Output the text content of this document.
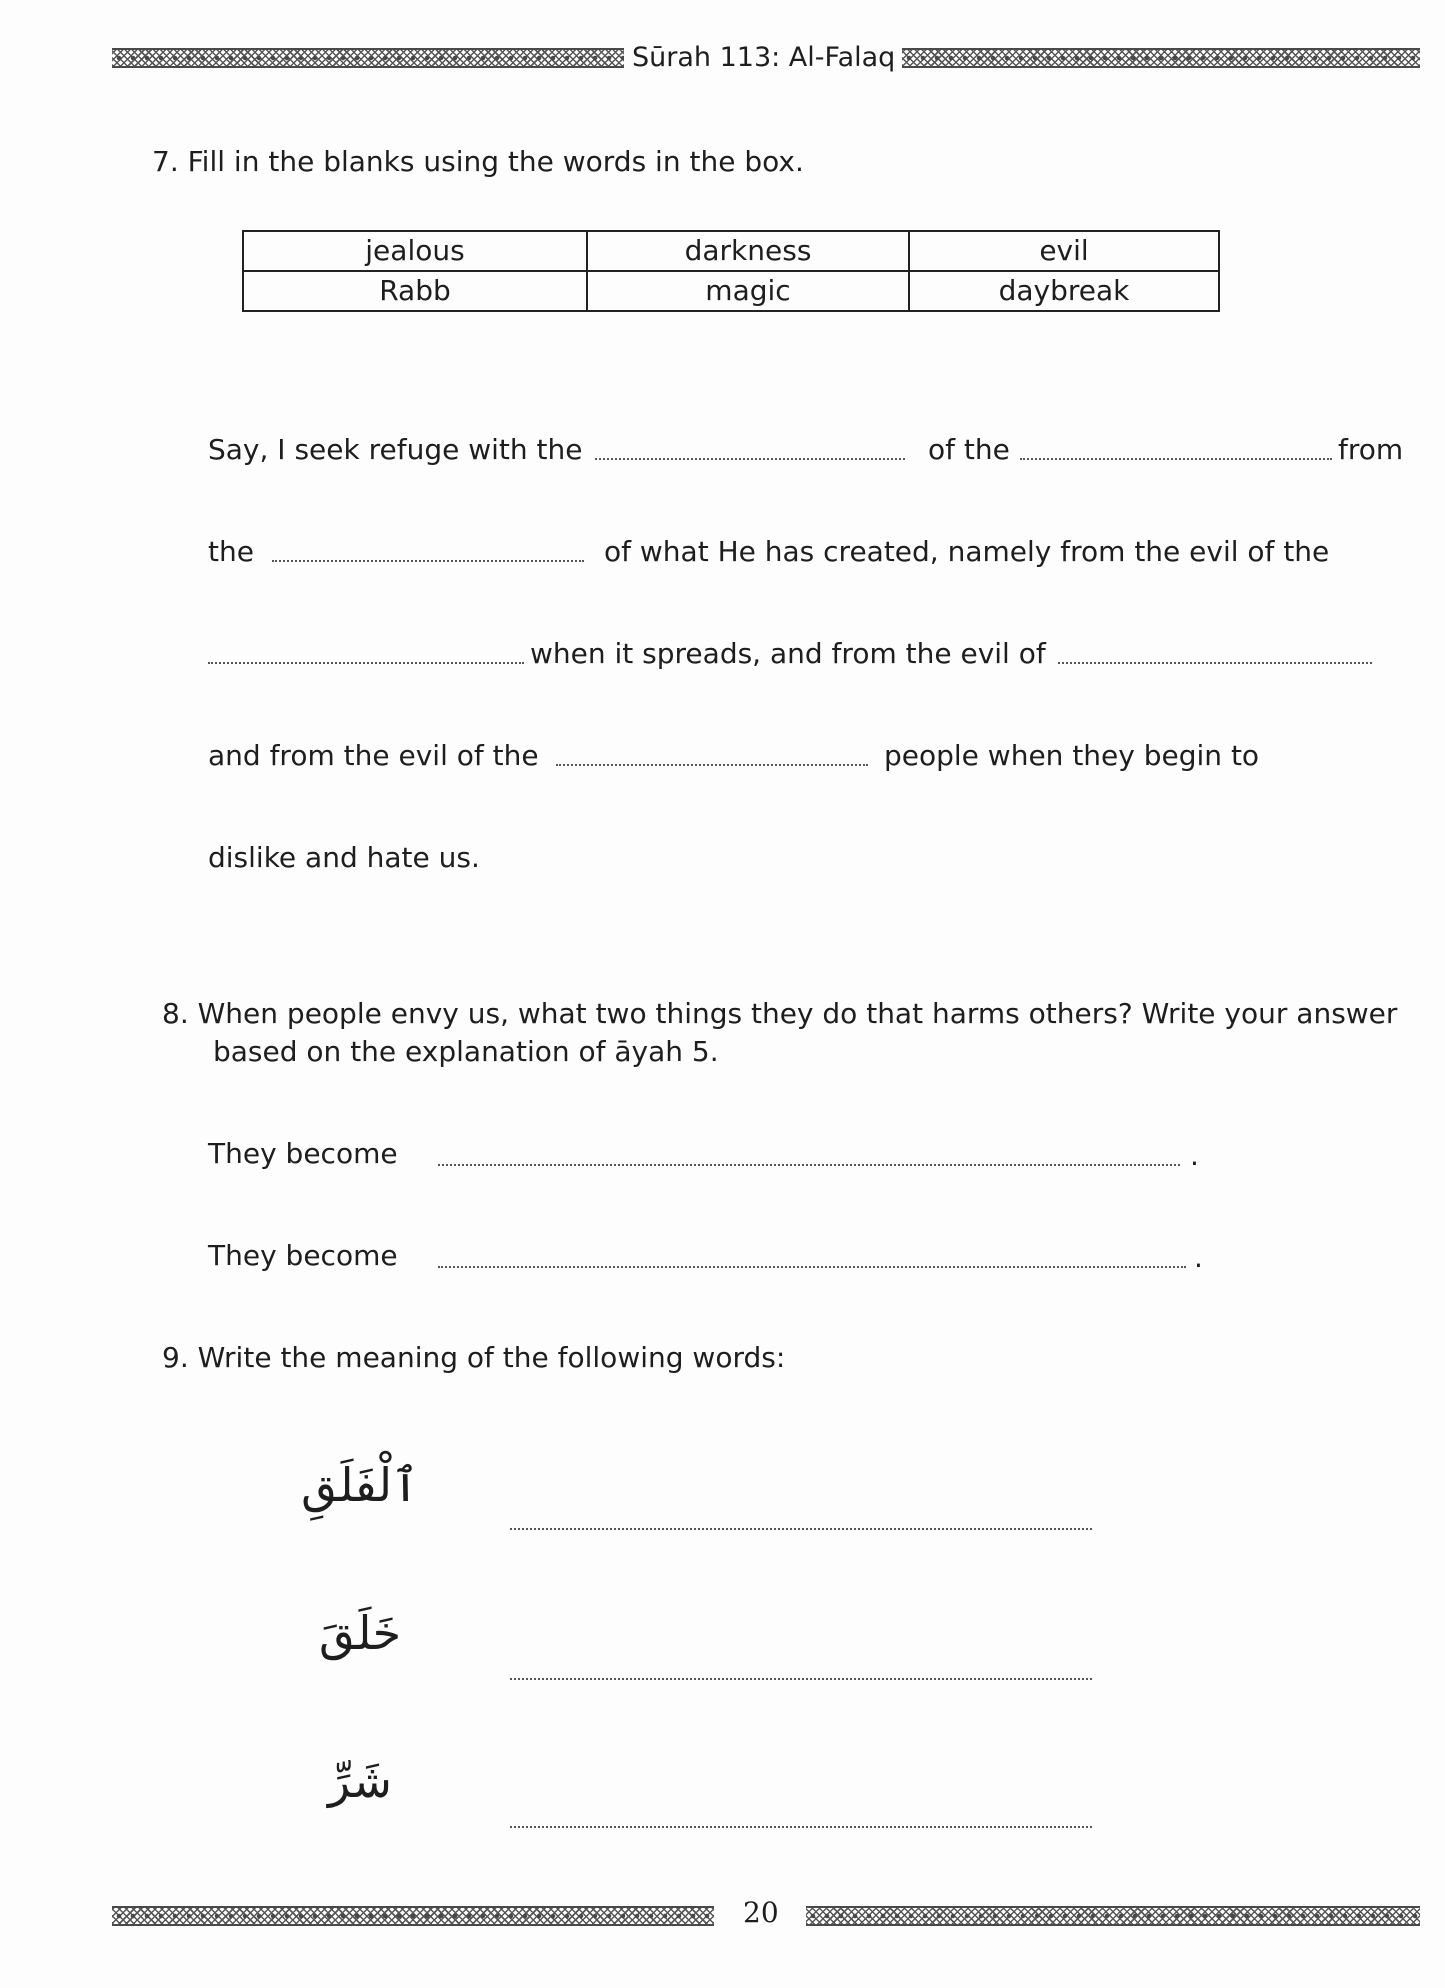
Sūrah 113: Al-Falaq
7. Fill in the blanks using the words in the box.
jealous	darkness	evil
Rabb	magic	daybreak
Say, I seek refuge with the	of the	from
the	of what He has created, namely from the evil of the
when it spreads, and from the evil of
and from the evil of the	people when they begin to
dislike and hate us.
8. When people envy us, what two things they do that harms others? Write your answer
based on the explanation of āyah 5.
They become	.
They become	.
9. Write the meaning of the following words:
ٱلْفَلَقِ
خَلَقَ
شَرِّ
20
